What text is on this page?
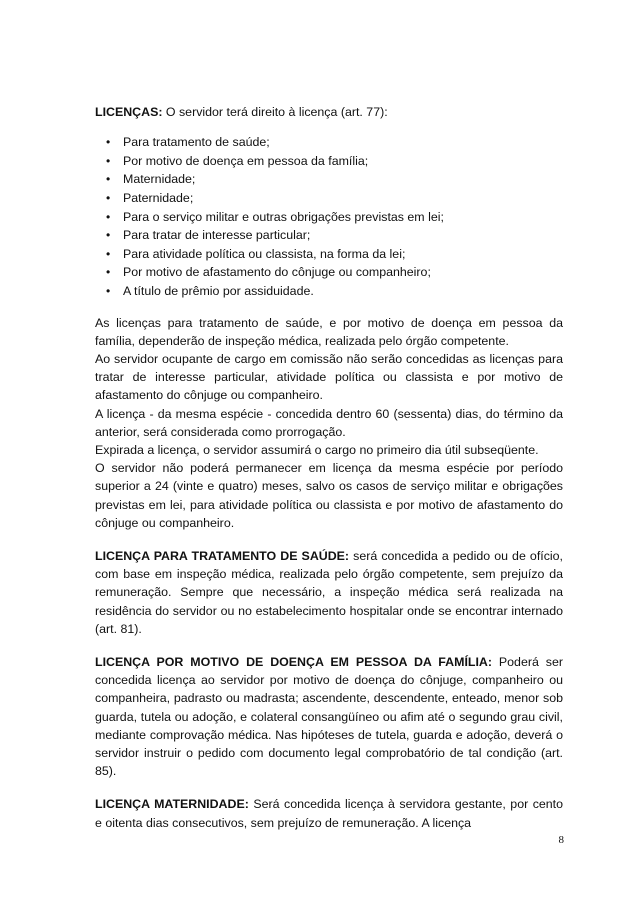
LICENÇAS: O servidor terá direito à licença (art. 77):

• Para tratamento de saúde;
• Por motivo de doença em pessoa da família;
• Maternidade;
• Paternidade;
• Para o serviço militar e outras obrigações previstas em lei;
• Para tratar de interesse particular;
• Para atividade política ou classista, na forma da lei;
• Por motivo de afastamento do cônjuge ou companheiro;
• A título de prêmio por assiduidade.

As licenças para tratamento de saúde, e por motivo de doença em pessoa da família, dependerão de inspeção médica, realizada pelo órgão competente.

Ao servidor ocupante de cargo em comissão não serão concedidas as licenças para tratar de interesse particular, atividade política ou classista e por motivo de afastamento do cônjuge ou companheiro.

A licença - da mesma espécie - concedida dentro 60 (sessenta) dias, do término da anterior, será considerada como prorrogação.

Expirada a licença, o servidor assumirá o cargo no primeiro dia útil subseqüente.

O servidor não poderá permanecer em licença da mesma espécie por período superior a 24 (vinte e quatro) meses, salvo os casos de serviço militar e obrigações previstas em lei, para atividade política ou classista e por motivo de afastamento do cônjuge ou companheiro.

LICENÇA PARA TRATAMENTO DE SAÚDE: será concedida a pedido ou de ofício, com base em inspeção médica, realizada pelo órgão competente, sem prejuízo da remuneração. Sempre que necessário, a inspeção médica será realizada na residência do servidor ou no estabelecimento hospitalar onde se encontrar internado (art. 81).

LICENÇA POR MOTIVO DE DOENÇA EM PESSOA DA FAMÍLIA: Poderá ser concedida licença ao servidor por motivo de doença do cônjuge, companheiro ou companheira, padrasto ou madrasta; ascendente, descendente, enteado, menor sob guarda, tutela ou adoção, e colateral consangüíneo ou afim até o segundo grau civil, mediante comprovação médica. Nas hipóteses de tutela, guarda e adoção, deverá o servidor instruir o pedido com documento legal comprobatório de tal condição (art. 85).

LICENÇA MATERNIDADE: Será concedida licença à servidora gestante, por cento e oitenta dias consecutivos, sem prejuízo de remuneração. A licença

8
